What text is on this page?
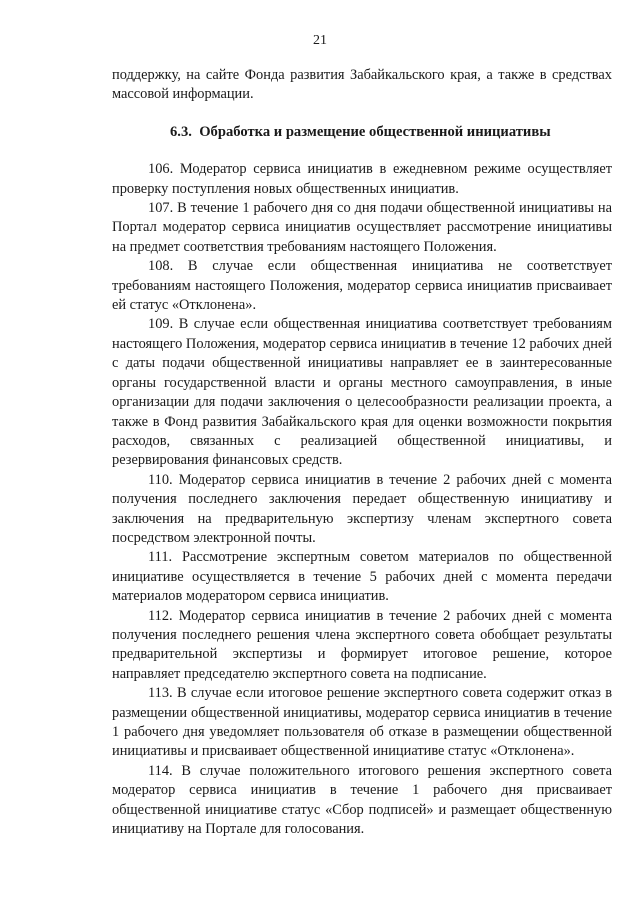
21

поддержку, на сайте Фонда развития Забайкальского края, а также в средствах массовой информации.

6.3. Обработка и размещение общественной инициативы

106. Модератор сервиса инициатив в ежедневном режиме осуществляет проверку поступления новых общественных инициатив.

107. В течение 1 рабочего дня со дня подачи общественной инициативы на Портал модератор сервиса инициатив осуществляет рассмотрение инициативы на предмет соответствия требованиям настоящего Положения.

108. В случае если общественная инициатива не соответствует требованиям настоящего Положения, модератор сервиса инициатив присваивает ей статус «Отклонена».

109. В случае если общественная инициатива соответствует требованиям настоящего Положения, модератор сервиса инициатив в течение 12 рабочих дней с даты подачи общественной инициативы направляет ее в заинтересованные органы государственной власти и органы местного самоуправления, в иные организации для подачи заключения о целесообразности реализации проекта, а также в Фонд развития Забайкальского края для оценки возможности покрытия расходов, связанных с реализацией общественной инициативы, и резервирования финансовых средств.

110. Модератор сервиса инициатив в течение 2 рабочих дней с момента получения последнего заключения передает общественную инициативу и заключения на предварительную экспертизу членам экспертного совета посредством электронной почты.

111. Рассмотрение экспертным советом материалов по общественной инициативе осуществляется в течение 5 рабочих дней с момента передачи материалов модератором сервиса инициатив.

112. Модератор сервиса инициатив в течение 2 рабочих дней с момента получения последнего решения члена экспертного совета обобщает результаты предварительной экспертизы и формирует итоговое решение, которое направляет председателю экспертного совета на подписание.

113. В случае если итоговое решение экспертного совета содержит отказ в размещении общественной инициативы, модератор сервиса инициатив в течение 1 рабочего дня уведомляет пользователя об отказе в размещении общественной инициативы и присваивает общественной инициативе статус «Отклонена».

114. В случае положительного итогового решения экспертного совета модератор сервиса инициатив в течение 1 рабочего дня присваивает общественной инициативе статус «Сбор подписей» и размещает общественную инициативу на Портале для голосования.
